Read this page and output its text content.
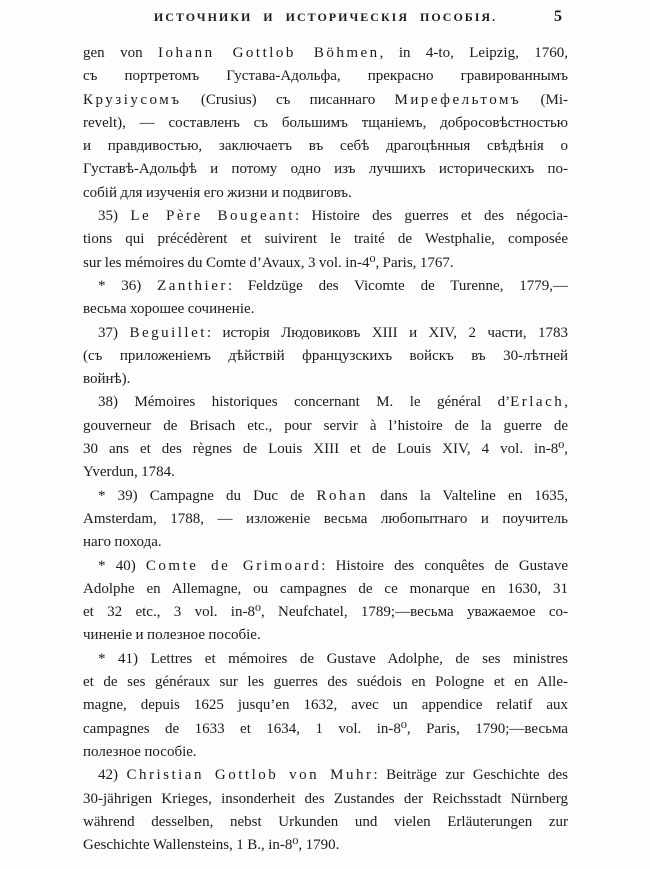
ИСТОЧНИКИ И ИСТОРИЧЕСКІЯ ПОСОБІЯ.	5
gen von Iohann Gottlob Böhmen, in 4-to, Leipzig, 1760,
съ портретомъ Густава-Адольфа, прекрасно гравированнымъ
Крузіусомъ (Crusius) съ писаннаго Мирефельтомъ (Mi-
revelt), — составленъ съ большимъ тщаніемъ, добросовѣстностью
и правдивостью, заключаетъ въ себѣ драгоцѣнныя свѣдѣнія о
Густавѣ-Адольфѣ и потому одно изъ лучшихъ историческихъ по-
собій для изученія его жизни и подвиговъ.
35) Le Père Bougeant: Histoire des guerres et des négocia-
tions qui précédèrent et suivirent le traité de Westphalie, composée
sur les mémoires du Comte d’Avaux, 3 vol. in-4⁰, Paris, 1767.
* 36) Zanthier: Feldzüge des Vicomte de Turenne, 1779,—
весьма хорошее сочиненіе.
37) Beguillet: исторія Людовиковъ XIII и XIV, 2 части, 1783
(съ приложеніемъ дѣйствій французскихъ войскъ въ 30-лѣтней
войнѣ).
38) Mémoires historiques concernant M. le général d’Erlach,
gouverneur de Brisach etc., pour servir à l’histoire de la guerre de
30 ans et des règnes de Louis XIII et de Louis XIV, 4 vol. in-8⁰,
Yverdun, 1784.
* 39) Campagne du Duc de Rohan dans la Valteline en 1635,
Amsterdam, 1788, — изложеніе весьма любопытнаго и поучитель
наго похода.
* 40) Comte de Grimoard: Histoire des conquêtes de Gustave
Adolphe en Allemagne, ou campagnes de ce monarque en 1630, 31
et 32 etc., 3 vol. in-8⁰, Neufchatel, 1789;—весьма уважаемое со-
чиненіе и полезное пособіе.
* 41) Lettres et mémoires de Gustave Adolphe, de ses ministres
et de ses généraux sur les guerres des suédois en Pologne et en Alle-
magne, depuis 1625 jusqu’en 1632, avec un appendice relatif aux
campagnes de 1633 et 1634, 1 vol. in-8⁰, Paris, 1790;—весьма
полезное пособіе.
42) Christian Gottlob von Muhr: Beiträge zur Geschichte des
30-jährigen Krieges, insonderheit des Zustandes der Reichsstadt Nürnberg
während desselben, nebst Urkunden und vielen Erläuterungen zur
Geschichte Wallensteins, 1 B., in-8⁰, 1790.
